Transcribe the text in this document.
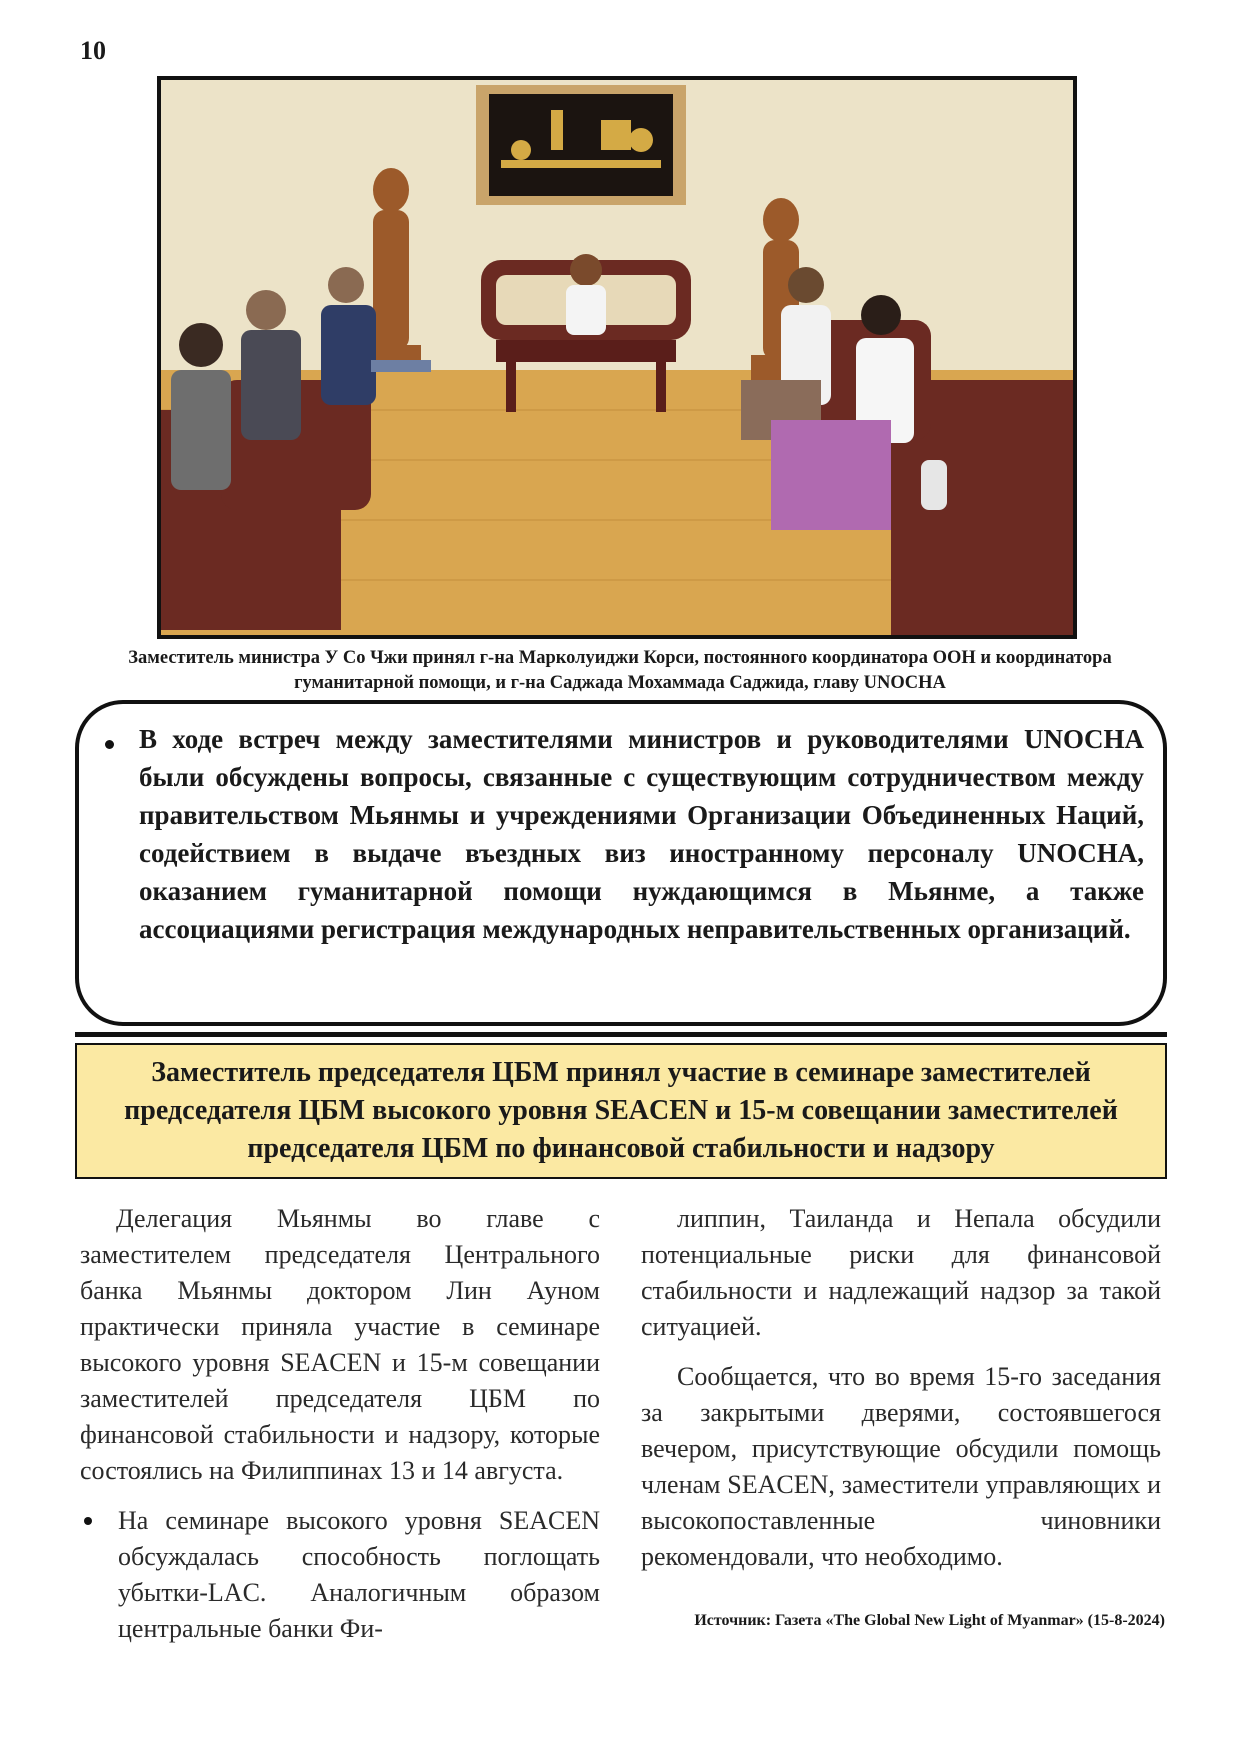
10
Заместитель министра У Со Чжи принял г-на Марколуиджи Корси, постоянного координатора ООН и координатора гуманитарной помощи, и г-на Саджада Мохаммада Саджида, главу UNOCHA
В ходе встреч между заместителями министров и руководителями UNOCHA были обсуждены вопросы, связанные с существующим сотрудничеством между правительством Мьянмы и учреждениями Организации Объединенных Наций, содействием в выдаче въездных виз иностранному персоналу UNOCHA, оказанием гуманитарной помощи нуждающимся в Мьянме, а также ассоциациями регистрация международных неправительственных организаций.
Заместитель председателя ЦБМ принял участие в семинаре заместителей председателя ЦБМ высокого уровня SEACEN и 15-м совещании заместителей председателя ЦБМ по финансовой стабильности и надзору

Делегация Мьянмы во главе с заместителем председателя Центрального банка Мьянмы доктором Лин Ауном практически приняла участие в семинаре высокого уровня SEACEN и 15-м совещании заместителей председателя ЦБМ по финансовой стабильности и надзору, которые состоялись на Филиппинах 13 и 14 августа.

На семинаре высокого уровня SEACEN обсуждалась способность поглощать убытки-LAC. Аналогичным образом центральные банки Фи-

липпин, Таиланда и Непала обсудили потенциальные риски для финансовой стабильности и надлежащий надзор за такой ситуацией.

Сообщается, что во время 15-го заседания за закрытыми дверями, состоявшегося вечером, присутствующие обсудили помощь членам SEACEN, заместители управляющих и высокопоставленные чиновники рекомендовали, что необходимо.

Источник: Газета «The Global New Light of Myanmar» (15-8-2024)
